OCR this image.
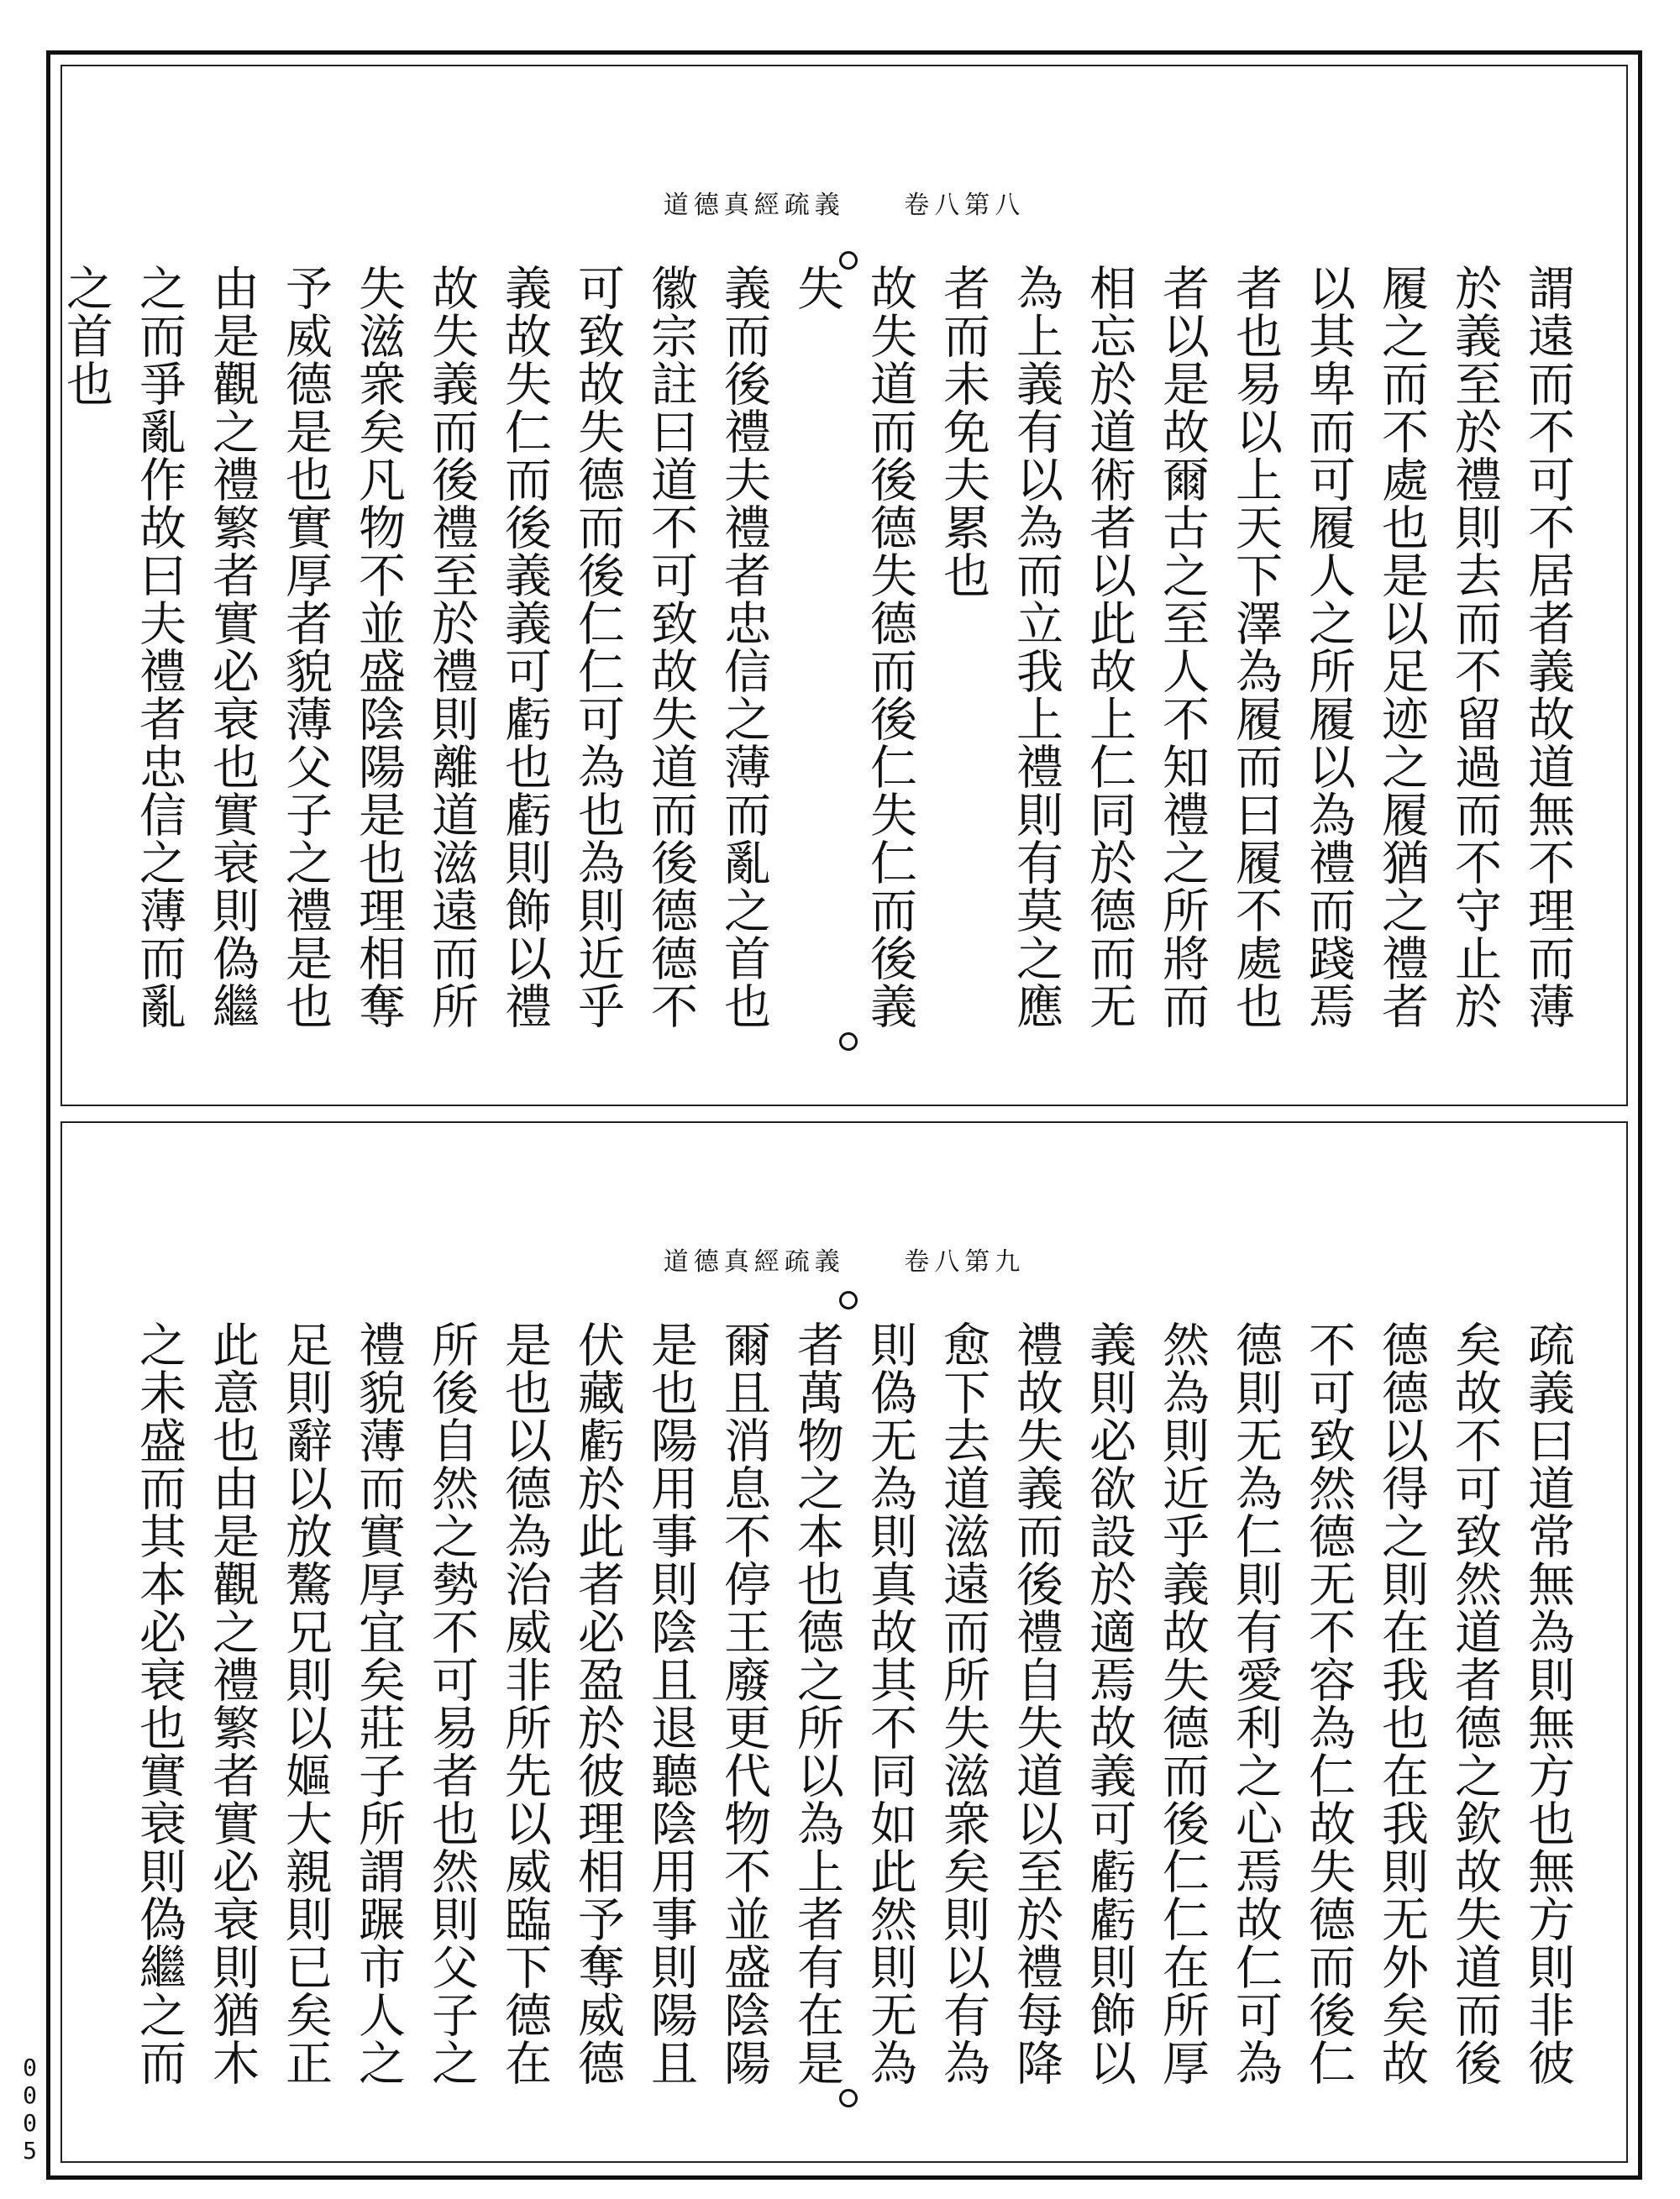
道德真經疏義 卷八第八
謂遠而不可不居者義故道無不理而薄
於義至於禮則去而不留過而不守止於
履之而不處也是以足迹之履猶之禮者
以其卑而可履人之所履以為禮而踐焉
者也易以上天下澤為履而曰履不處也
者以是故爾古之至人不知禮之所將而
相忘於道術者以此故上仁同於德而无
為上義有以為而立我上禮則有莫之應
者而未免夫累也
故失道而後德失德而後仁失仁而後義失
義而後禮夫禮者忠信之薄而亂之首也
徽宗註曰道不可致故失道而後德德不
可致故失德而後仁仁可為也為則近乎
義故失仁而後義義可虧也虧則飾以禮
故失義而後禮至於禮則離道滋遠而所
失滋衆矣凡物不並盛陰陽是也理相奪
予威德是也實厚者貌薄父子之禮是也
由是觀之禮繁者實必衰也實衰則偽繼
之而爭亂作故曰夫禮者忠信之薄而亂
之首也
道德真經疏義 卷八第九
疏義曰道常無為則無方也無方則非彼
矣故不可致然道者德之欽故失道而後
德德以得之則在我也在我則无外矣故
不可致然德无不容為仁故失德而後仁
德則无為仁則有愛利之心焉故仁可為
然為則近乎義故失德而後仁仁在所厚
義則必欲設於適焉故義可虧虧則飾以
禮故失義而後禮自失道以至於禮每降
愈下去道滋遠而所失滋衆矣則以有為
則偽无為則真故其不同如此然則无為
者萬物之本也德之所以為上者有在是
爾且消息不停王廢更代物不並盛陰陽
是也陽用事則陰且退聽陰用事則陽且
伏藏虧於此者必盈於彼理相予奪威德
是也以德為治威非所先以威臨下德在
所後自然之勢不可易者也然則父子之
禮貌薄而實厚宜矣莊子所謂蹍市人之
足則辭以放驁兄則以嫗大親則已矣正
此意也由是觀之禮繁者實必衰則猶木
之未盛而其本必衰也實衰則偽繼之而
0005
